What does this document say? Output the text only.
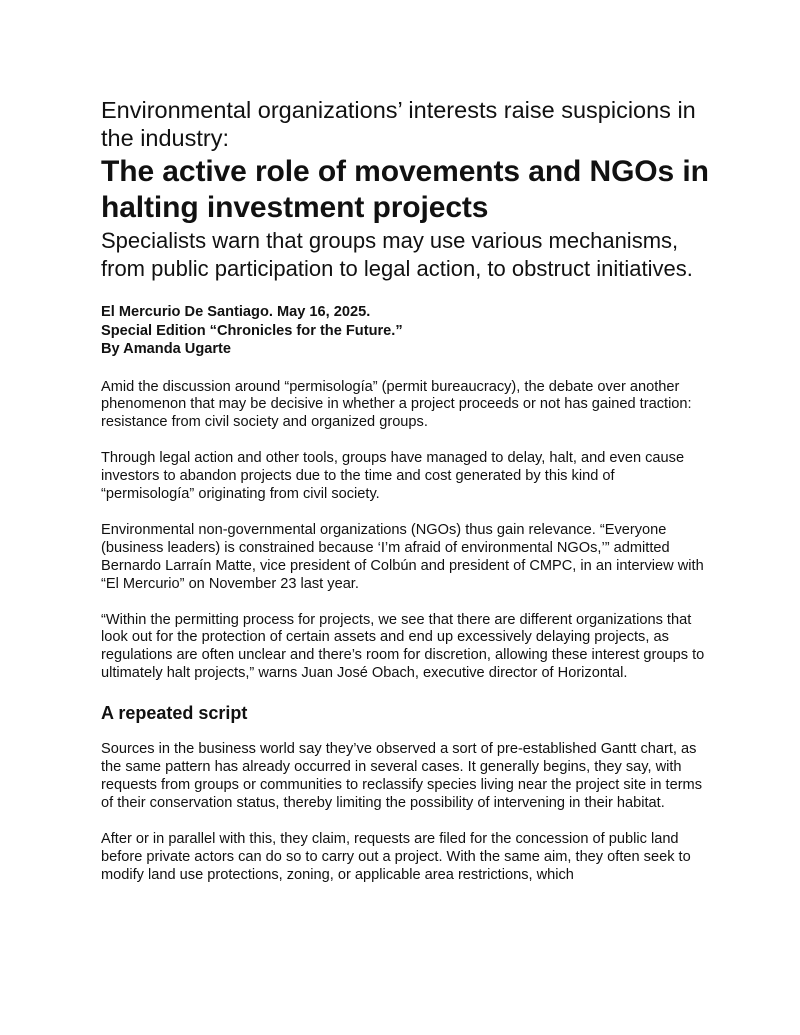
Environmental organizations’ interests raise suspicions in the industry:
The active role of movements and NGOs in halting investment projects
Specialists warn that groups may use various mechanisms, from public participation to legal action, to obstruct initiatives.
El Mercurio De Santiago. May 16, 2025.
Special Edition “Chronicles for the Future.”
By Amanda Ugarte

Amid the discussion around “permisología” (permit bureaucracy), the debate over another phenomenon that may be decisive in whether a project proceeds or not has gained traction: resistance from civil society and organized groups.

Through legal action and other tools, groups have managed to delay, halt, and even cause investors to abandon projects due to the time and cost generated by this kind of “permisología” originating from civil society.

Environmental non-governmental organizations (NGOs) thus gain relevance. “Everyone (business leaders) is constrained because ‘I’m afraid of environmental NGOs,’” admitted Bernardo Larraín Matte, vice president of Colbún and president of CMPC, in an interview with “El Mercurio” on November 23 last year.

“Within the permitting process for projects, we see that there are different organizations that look out for the protection of certain assets and end up excessively delaying projects, as regulations are often unclear and there’s room for discretion, allowing these interest groups to ultimately halt projects,” warns Juan José Obach, executive director of Horizontal.

A repeated script

Sources in the business world say they’ve observed a sort of pre-established Gantt chart, as the same pattern has already occurred in several cases. It generally begins, they say, with requests from groups or communities to reclassify species living near the project site in terms of their conservation status, thereby limiting the possibility of intervening in their habitat.

After or in parallel with this, they claim, requests are filed for the concession of public land before private actors can do so to carry out a project. With the same aim, they often seek to modify land use protections, zoning, or applicable area restrictions, which
